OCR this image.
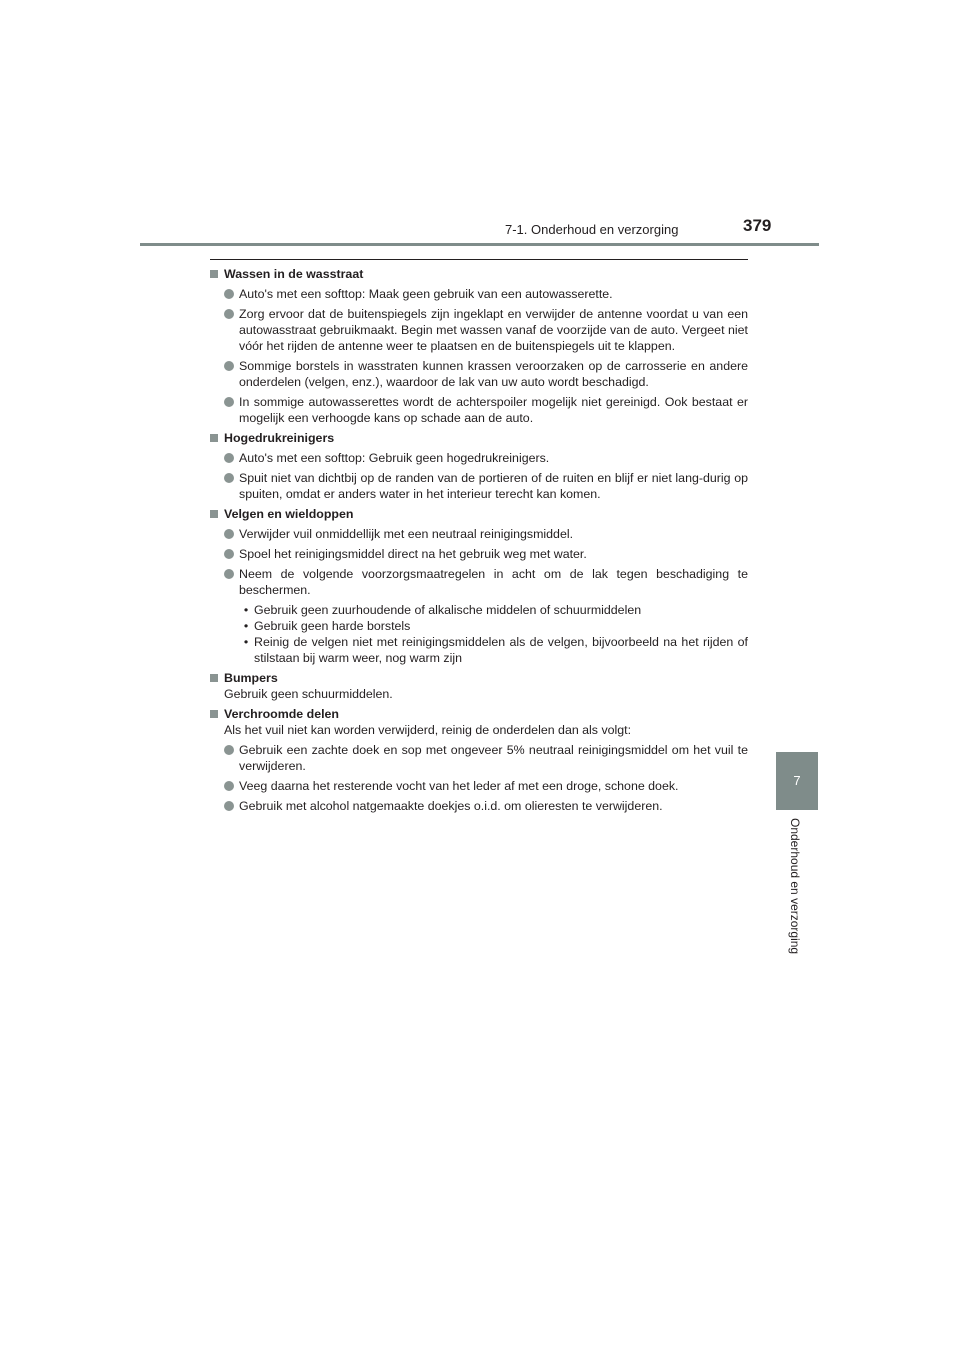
7-1. Onderhoud en verzorging	379
7
Onderhoud en verzorging
Wassen in de wasstraat
Auto's met een softtop: Maak geen gebruik van een autowasserette.
Zorg ervoor dat de buitenspiegels zijn ingeklapt en verwijder de antenne voordat u van een autowasstraat gebruikmaakt. Begin met wassen vanaf de voorzijde van de auto. Vergeet niet vóór het rijden de antenne weer te plaatsen en de buitenspiegels uit te klappen.
Sommige borstels in wasstraten kunnen krassen veroorzaken op de carrosserie en andere onderdelen (velgen, enz.), waardoor de lak van uw auto wordt beschadigd.
In sommige autowasserettes wordt de achterspoiler mogelijk niet gereinigd. Ook bestaat er mogelijk een verhoogde kans op schade aan de auto.
Hogedrukreinigers
Auto's met een softtop: Gebruik geen hogedrukreinigers.
Spuit niet van dichtbij op de randen van de portieren of de ruiten en blijf er niet lang-durig op spuiten, omdat er anders water in het interieur terecht kan komen.
Velgen en wieldoppen
Verwijder vuil onmiddellijk met een neutraal reinigingsmiddel.
Spoel het reinigingsmiddel direct na het gebruik weg met water.
Neem de volgende voorzorgsmaatregelen in acht om de lak tegen beschadiging te beschermen.
• Gebruik geen zuurhoudende of alkalische middelen of schuurmiddelen
• Gebruik geen harde borstels
• Reinig de velgen niet met reinigingsmiddelen als de velgen, bijvoorbeeld na het rijden of stilstaan bij warm weer, nog warm zijn
Bumpers
Gebruik geen schuurmiddelen.
Verchroomde delen
Als het vuil niet kan worden verwijderd, reinig de onderdelen dan als volgt:
Gebruik een zachte doek en sop met ongeveer 5% neutraal reinigingsmiddel om het vuil te verwijderen.
Veeg daarna het resterende vocht van het leder af met een droge, schone doek.
Gebruik met alcohol natgemaakte doekjes o.i.d. om olieresten te verwijderen.
